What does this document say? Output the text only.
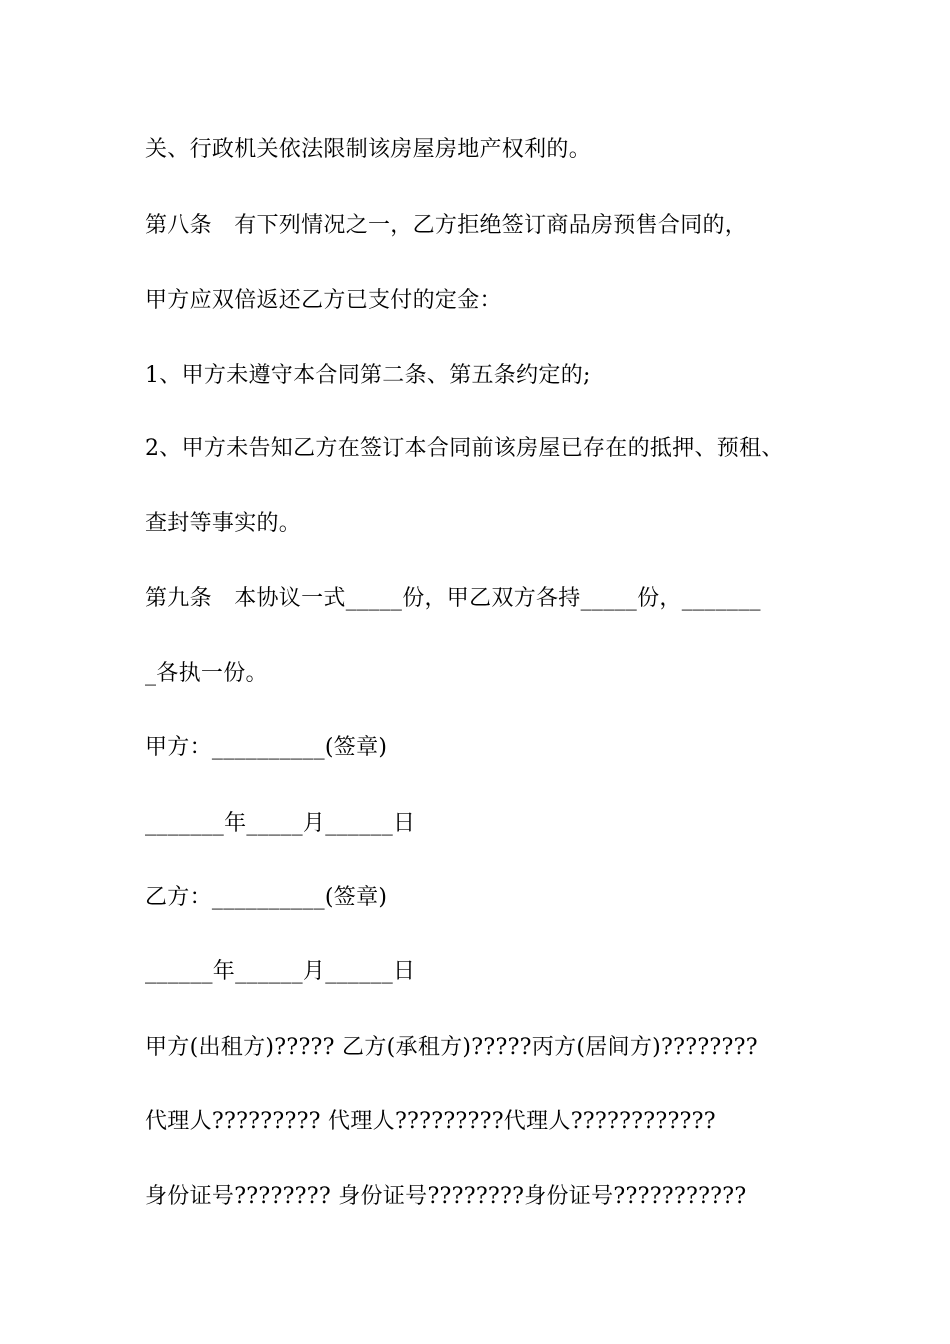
关、行政机关依法限制该房屋房地产权利的。
第八条　有下列情况之一，乙方拒绝签订商品房预售合同的，
甲方应双倍返还乙方已支付的定金：
1、甲方未遵守本合同第二条、第五条约定的;
2、甲方未告知乙方在签订本合同前该房屋已存在的抵押、预租、
查封等事实的。
第九条　本协议一式_____份，甲乙双方各持_____份，_______
_各执一份。
甲方：__________(签章)
_______年_____月______日
乙方：__________(签章)
______年______月______日
甲方(出租方)????? 乙方(承租方)?????丙方(居间方)????????
代理人????????? 代理人?????????代理人????????????
身份证号???????? 身份证号????????身份证号???????????
